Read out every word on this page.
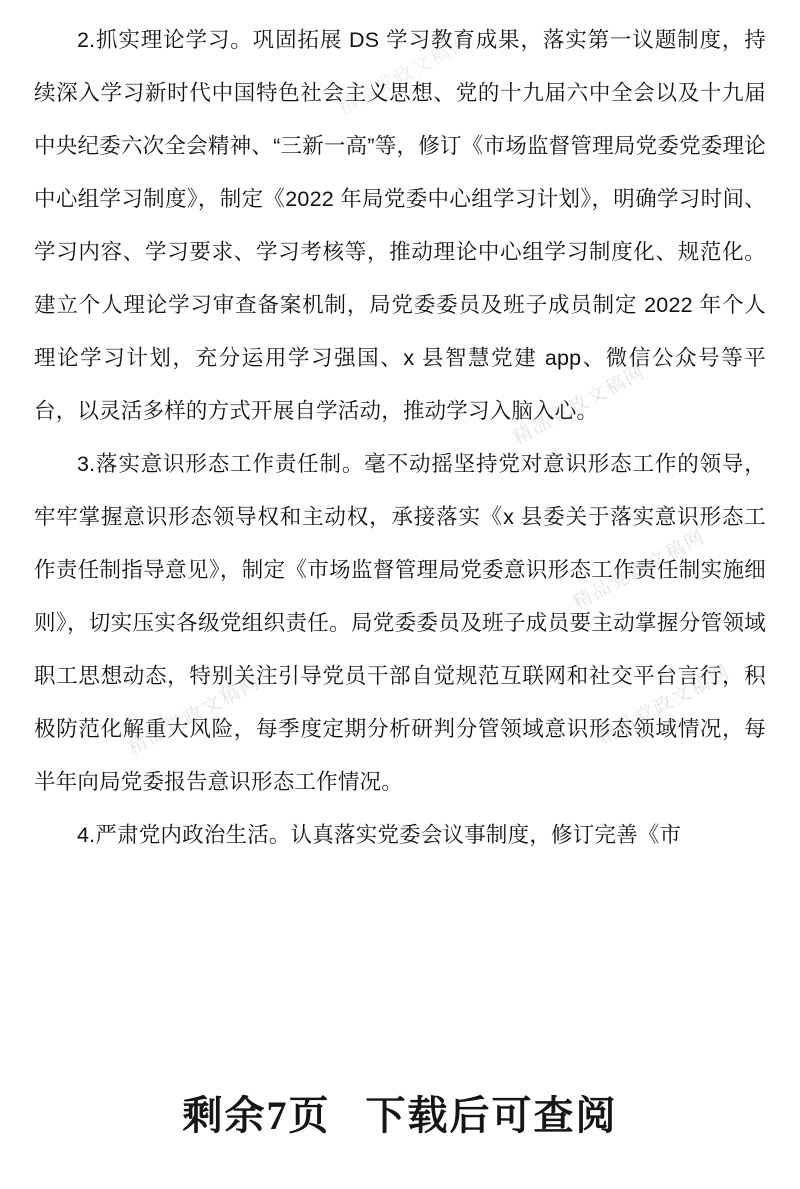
精品党政文稿网
精品党政文稿网
精品党政文稿网
精品党政文稿网	精品党政文稿网

2.抓实理论学习。巩固拓展 DS 学习教育成果，落实第一议题制度，持续深入学习新时代中国特色社会主义思想、党的十九届六中全会以及十九届中央纪委六次全会精神、“三新一高”等，修订《市场监督管理局党委党委理论中心组学习制度》，制定《2022 年局党委中心组学习计划》，明确学习时间、学习内容、学习要求、学习考核等，推动理论中心组学习制度化、规范化。建立个人理论学习审查备案机制，局党委委员及班子成员制定 2022 年个人理论学习计划，充分运用学习强国、x 县智慧党建 app、微信公众号等平台，以灵活多样的方式开展自学活动，推动学习入脑入心。

3.落实意识形态工作责任制。毫不动摇坚持党对意识形态工作的领导，牢牢掌握意识形态领导权和主动权，承接落实《x 县委关于落实意识形态工作责任制指导意见》，制定《市场监督管理局党委意识形态工作责任制实施细则》，切实压实各级党组织责任。局党委委员及班子成员要主动掌握分管领域职工思想动态，特别关注引导党员干部自觉规范互联网和社交平台言行，积极防范化解重大风险，每季度定期分析研判分管领域意识形态领域情况，每半年向局党委报告意识形态工作情况。

4.严肃党内政治生活。认真落实党委会议事制度，修订完善《市

剩余7页 下载后可查阅
